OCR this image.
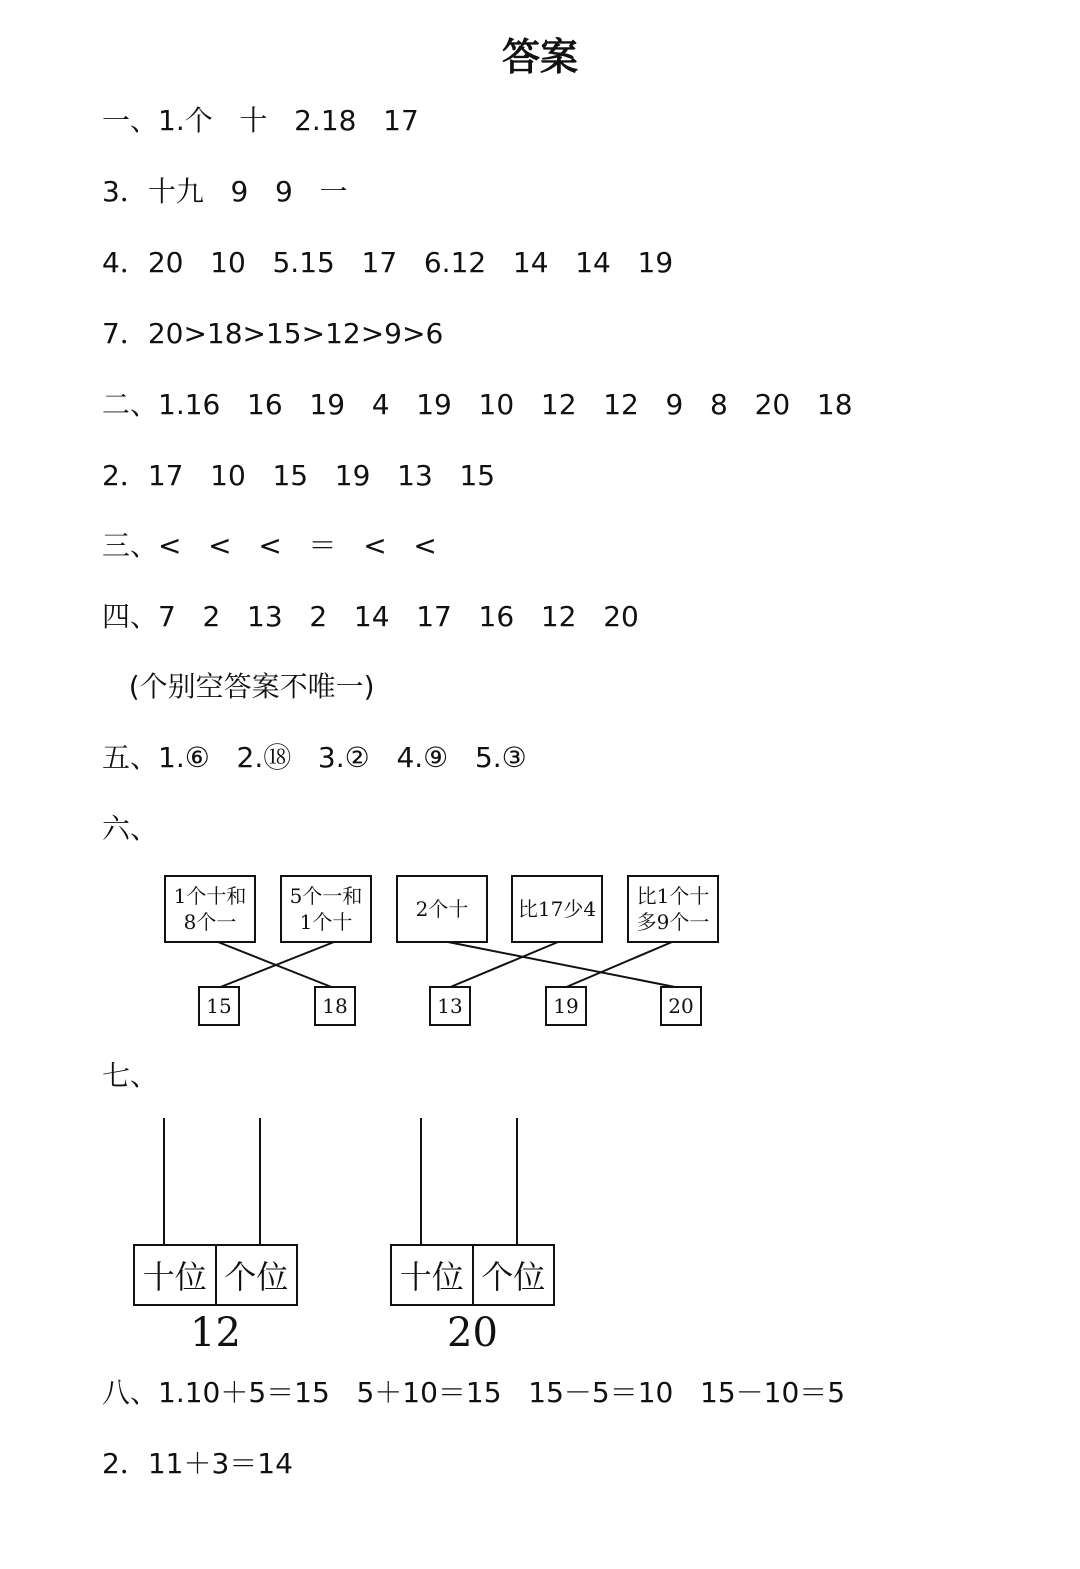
答案
一、1.个   十   2.18   17
3．十九   9   9   一
4．20   10   5.15   17   6.12   14   14   19
7．20>18>15>12>9>6
二、1.16   16   19   4   19   10   12   12   9   8   20   18
2．17   10   15   19   13   15
三、<   <   <   ＝   <   <
四、7   2   13   2   14   17   16   12   20
(个别空答案不唯一)
五、1.⑥   2.⑱   3.②   4.⑨   5.③
六、
1个十和
8个一
5个一和
1个十
2个十 比17少4
比1个十
多9个一
15	18	13	19	20
七、
十位 个位
12
十位 个位
20
八、1.10＋5＝15   5＋10＝15   15－5＝10   15－10＝5
2．11＋3＝14
